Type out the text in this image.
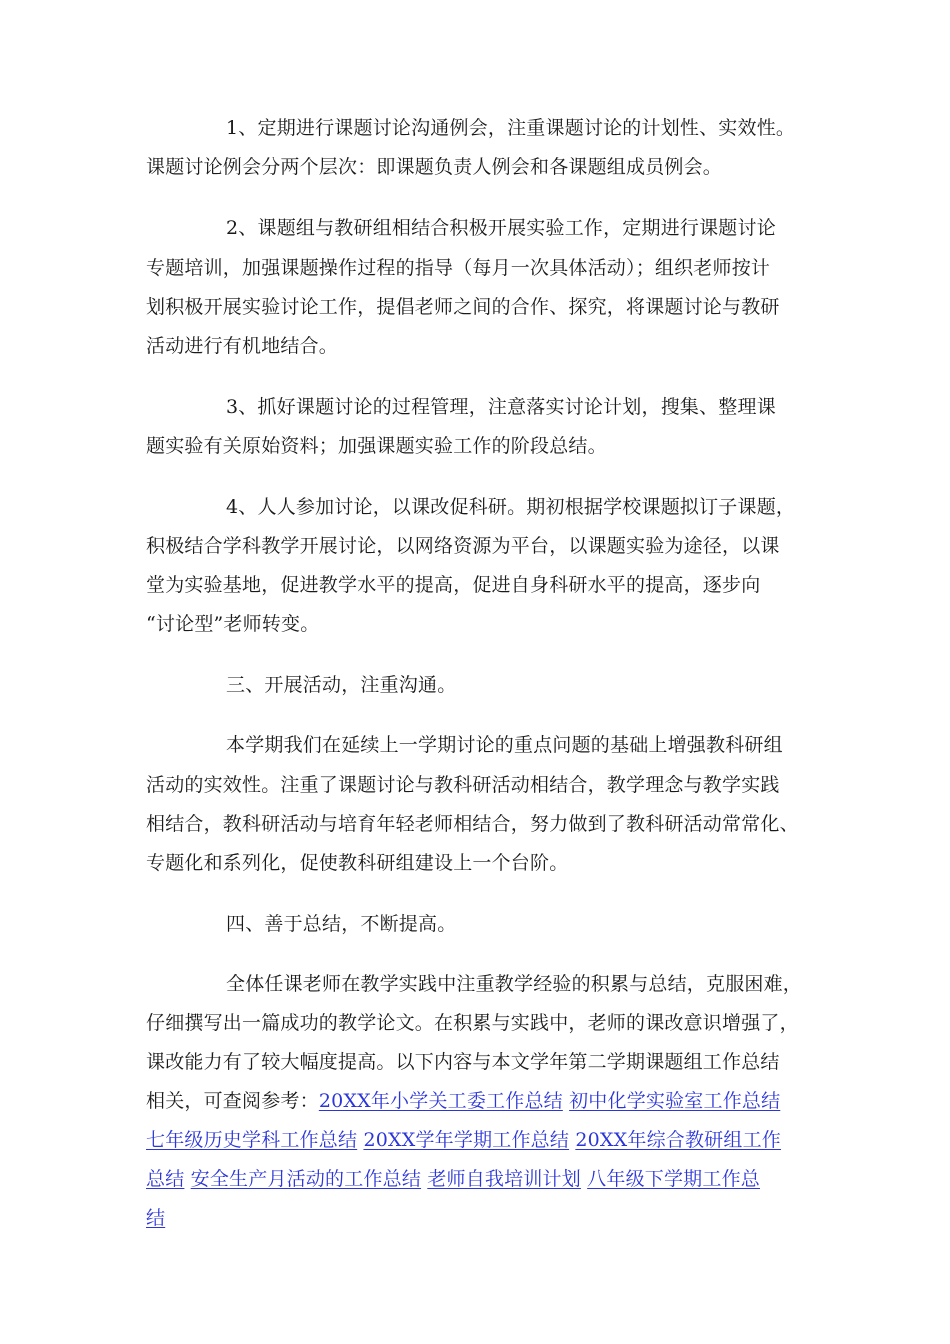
1、定期进行课题讨论沟通例会，注重课题讨论的计划性、实效性。
课题讨论例会分两个层次：即课题负责人例会和各课题组成员例会。
2、课题组与教研组相结合积极开展实验工作，定期进行课题讨论
专题培训，加强课题操作过程的指导（每月一次具体活动）；组织老师按计
划积极开展实验讨论工作，提倡老师之间的合作、探究，将课题讨论与教研
活动进行有机地结合。
3、抓好课题讨论的过程管理，注意落实讨论计划，搜集、整理课
题实验有关原始资料；加强课题实验工作的阶段总结。
4、人人参加讨论，以课改促科研。期初根据学校课题拟订子课题，
积极结合学科教学开展讨论，以网络资源为平台，以课题实验为途径，以课
堂为实验基地，促进教学水平的提高，促进自身科研水平的提高，逐步向
“讨论型”老师转变。
三、开展活动，注重沟通。
本学期我们在延续上一学期讨论的重点问题的基础上增强教科研组
活动的实效性。注重了课题讨论与教科研活动相结合，教学理念与教学实践
相结合，教科研活动与培育年轻老师相结合，努力做到了教科研活动常常化、
专题化和系列化，促使教科研组建设上一个台阶。
四、善于总结，不断提高。
全体任课老师在教学实践中注重教学经验的积累与总结，克服困难，
仔细撰写出一篇成功的教学论文。在积累与实践中，老师的课改意识增强了，
课改能力有了较大幅度提高。以下内容与本文学年第二学期课题组工作总结
相关，可查阅参考：20XX年小学关工委工作总结 初中化学实验室工作总结
七年级历史学科工作总结 20XX学年学期工作总结 20XX年综合教研组工作
总结 安全生产月活动的工作总结 老师自我培训计划 八年级下学期工作总
结
